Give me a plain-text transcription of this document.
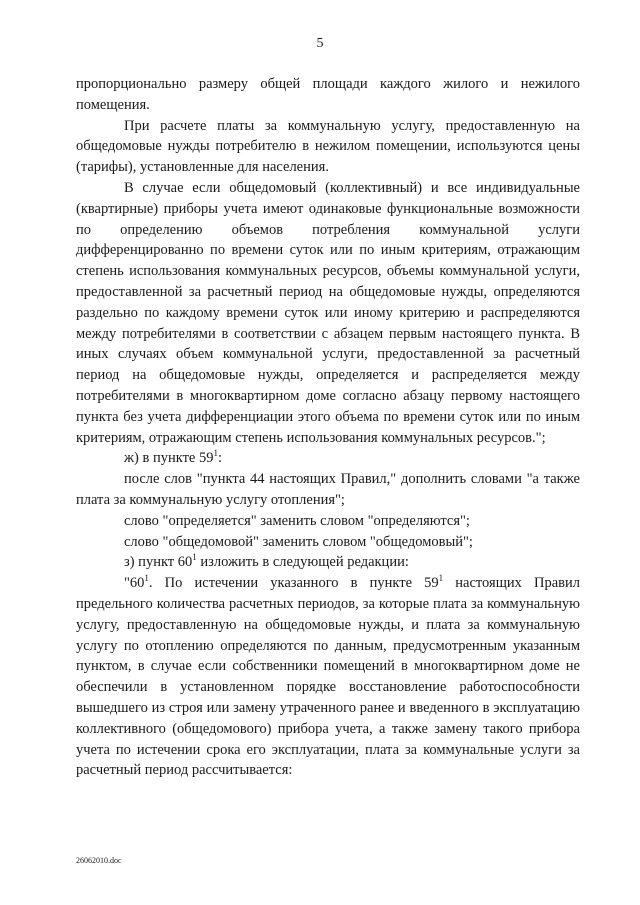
5

пропорционально размеру общей площади каждого жилого и нежилого помещения.

При расчете платы за коммунальную услугу, предоставленную на общедомовые нужды потребителю в нежилом помещении, используются цены (тарифы), установленные для населения.

В случае если общедомовый (коллективный) и все индивидуальные (квартирные) приборы учета имеют одинаковые функциональные возможности по определению объемов потребления коммунальной услуги дифференцированно по времени суток или по иным критериям, отражающим степень использования коммунальных ресурсов, объемы коммунальной услуги, предоставленной за расчетный период на общедомовые нужды, определяются раздельно по каждому времени суток или иному критерию и распределяются между потребителями в соответствии с абзацем первым настоящего пункта. В иных случаях объем коммунальной услуги, предоставленной за расчетный период на общедомовые нужды, определяется и распределяется между потребителями в многоквартирном доме согласно абзацу первому настоящего пункта без учета дифференциации этого объема по времени суток или по иным критериям, отражающим степень использования коммунальных ресурсов.";

ж) в пункте $59^1$:

после слов "пункта 44 настоящих Правил," дополнить словами "а также плата за коммунальную услугу отопления";

слово "определяется" заменить словом "определяются";

слово "общедомовой" заменить словом "общедомовый";

з) пункт $60^1$ изложить в следующей редакции:

"$60^1$. По истечении указанного в пункте $59^1$ настоящих Правил предельного количества расчетных периодов, за которые плата за коммунальную услугу, предоставленную на общедомовые нужды, и плата за коммунальную услугу по отоплению определяются по данным, предусмотренным указанным пунктом, в случае если собственники помещений в многоквартирном доме не обеспечили в установленном порядке восстановление работоспособности вышедшего из строя или замену утраченного ранее и введенного в эксплуатацию коллективного (общедомового) прибора учета, а также замену такого прибора учета по истечении срока его эксплуатации, плата за коммунальные услуги за расчетный период рассчитывается:

26062010.doc
